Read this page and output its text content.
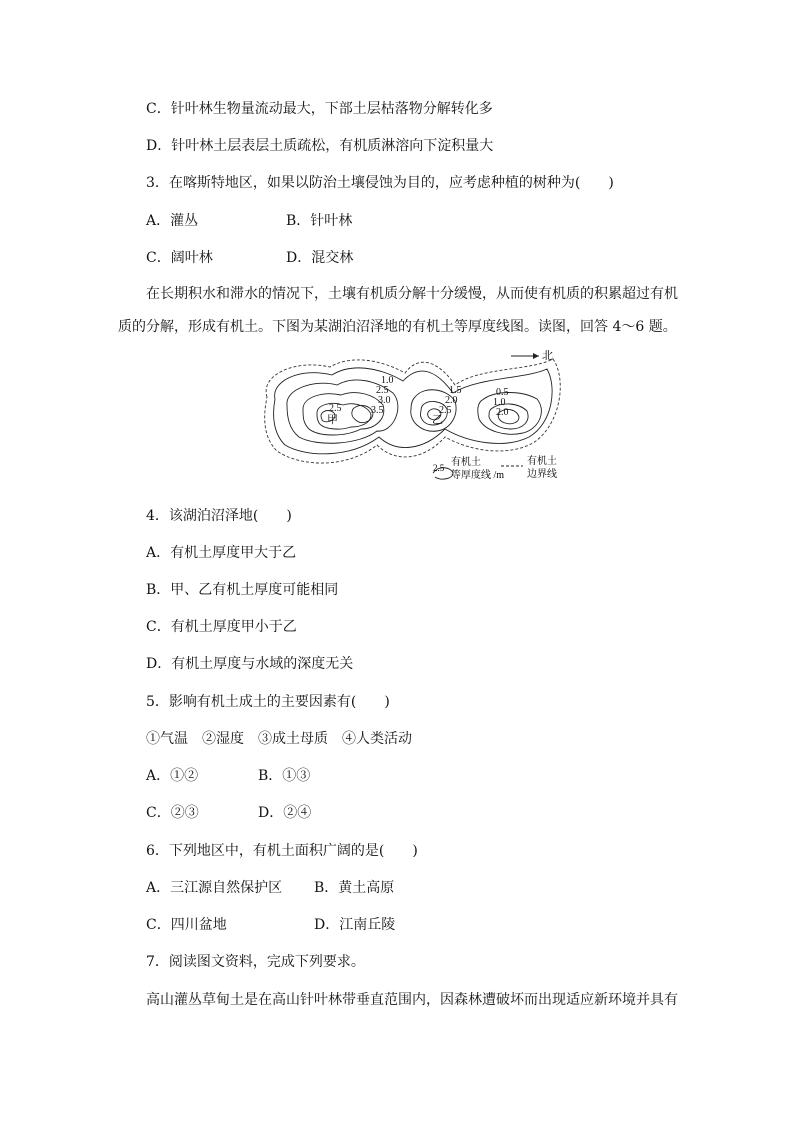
C．针叶林生物量流动最大，下部土层枯落物分解转化多
D．针叶林土层表层土质疏松，有机质淋溶向下淀积量大
3．在喀斯特地区，如果以防治土壤侵蚀为目的，应考虑种植的树种为(　　)
A．灌丛	B．针叶林
C．阔叶林	D．混交林
在长期积水和滞水的情况下，土壤有机质分解十分缓慢，从而使有机质的积累超过有机质的分解，形成有机土。下图为某湖泊沼泽地的有机土等厚度线图。读图，回答 4～6 题。
北
1.0
2.5
3.0
3.5
2.5
甲
1.5
2.0
2.5
乙
0.5
1.0
2.0
2.5 有机土
等厚度线 /m
有机土
边界线
4．该湖泊沼泽地(　　)
A．有机土厚度甲大于乙
B．甲、乙有机土厚度可能相同
C．有机土厚度甲小于乙
D．有机土厚度与水域的深度无关
5．影响有机土成土的主要因素有(　　)
①气温　②湿度　③成土母质　④人类活动
A．①②	B．①③
C．②③	D．②④
6．下列地区中，有机土面积广阔的是(　　)
A．三江源自然保护区 B．黄土高原
C．四川盆地	D．江南丘陵
7．阅读图文资料，完成下列要求。
高山灌丛草甸土是在高山针叶林带垂直范围内，因森林遭破坏而出现适应新环境并具有
